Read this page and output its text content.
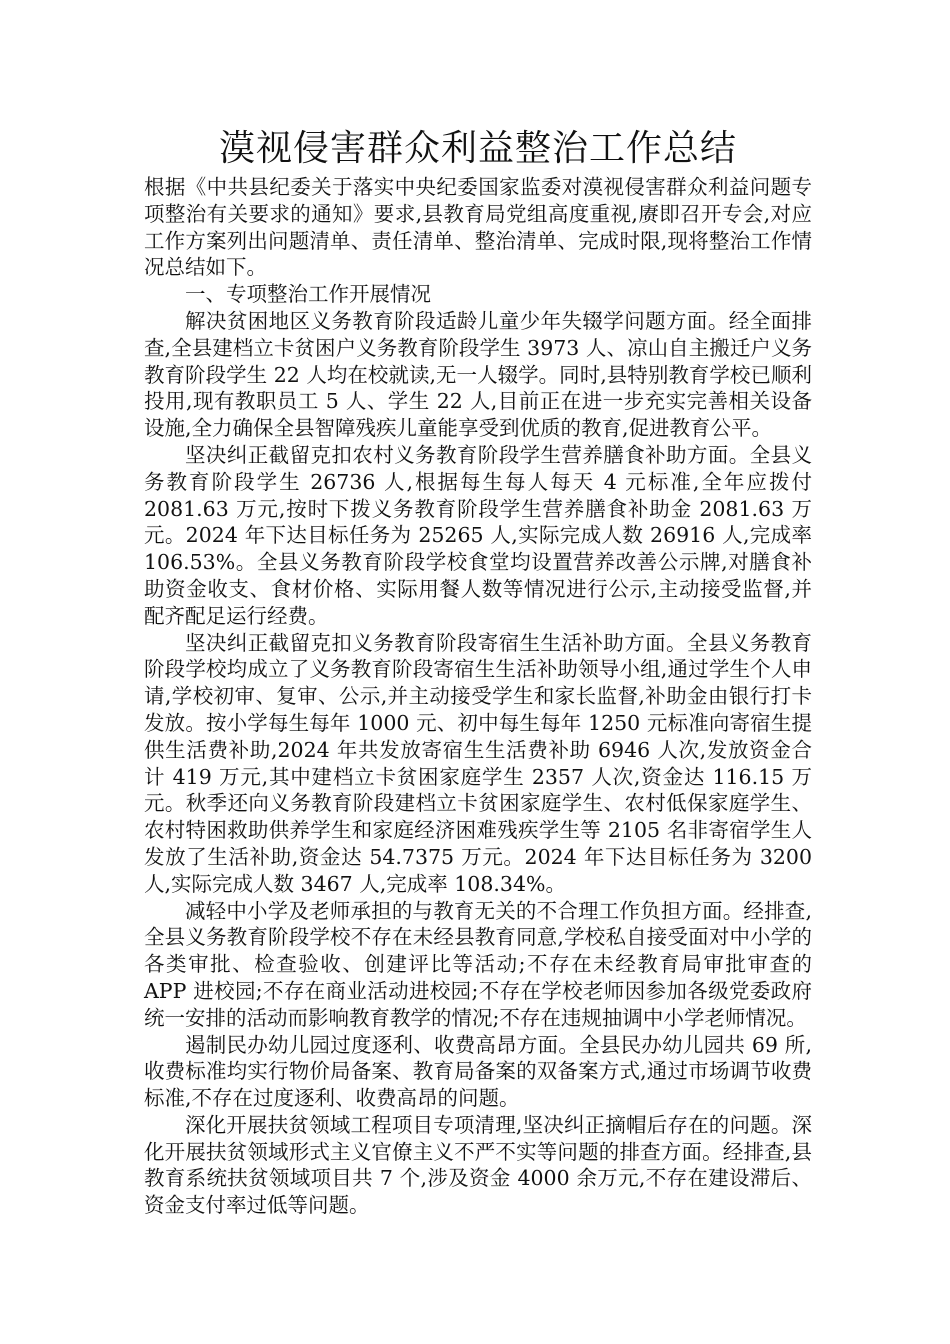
漠视侵害群众利益整治工作总结

根据《中共县纪委关于落实中央纪委国家监委对漠视侵害群众利益问题专项整治有关要求的通知》要求,县教育局党组高度重视,赓即召开专会,对应工作方案列出问题清单、责任清单、整治清单、完成时限,现将整治工作情况总结如下。

一、专项整治工作开展情况

解决贫困地区义务教育阶段适龄儿童少年失辍学问题方面。经全面排查,全县建档立卡贫困户义务教育阶段学生 3973 人、凉山自主搬迁户义务教育阶段学生 22 人均在校就读,无一人辍学。同时,县特别教育学校已顺利投用,现有教职员工 5 人、学生 22 人,目前正在进一步充实完善相关设备设施,全力确保全县智障残疾儿童能享受到优质的教育,促进教育公平。

坚决纠正截留克扣农村义务教育阶段学生营养膳食补助方面。全县义务教育阶段学生 26736 人,根据每生每人每天 4 元标准,全年应拨付 2081.63 万元,按时下拨义务教育阶段学生营养膳食补助金 2081.63 万元。2024 年下达目标任务为 25265 人,实际完成人数 26916 人,完成率 106.53%。全县义务教育阶段学校食堂均设置营养改善公示牌,对膳食补助资金收支、食材价格、实际用餐人数等情况进行公示,主动接受监督,并配齐配足运行经费。

坚决纠正截留克扣义务教育阶段寄宿生生活补助方面。全县义务教育阶段学校均成立了义务教育阶段寄宿生生活补助领导小组,通过学生个人申请,学校初审、复审、公示,并主动接受学生和家长监督,补助金由银行打卡发放。按小学每生每年 1000 元、初中每生每年 1250 元标准向寄宿生提供生活费补助,2024 年共发放寄宿生生活费补助 6946 人次,发放资金合计 419 万元,其中建档立卡贫困家庭学生 2357 人次,资金达 116.15 万元。秋季还向义务教育阶段建档立卡贫困家庭学生、农村低保家庭学生、农村特困救助供养学生和家庭经济困难残疾学生等 2105 名非寄宿学生人发放了生活补助,资金达 54.7375 万元。2024 年下达目标任务为 3200 人,实际完成人数 3467 人,完成率 108.34%。

减轻中小学及老师承担的与教育无关的不合理工作负担方面。经排查,全县义务教育阶段学校不存在未经县教育同意,学校私自接受面对中小学的各类审批、检查验收、创建评比等活动;不存在未经教育局审批审查的 APP 进校园;不存在商业活动进校园;不存在学校老师因参加各级党委政府统一安排的活动而影响教育教学的情况;不存在违规抽调中小学老师情况。

遏制民办幼儿园过度逐利、收费高昂方面。全县民办幼儿园共 69 所,收费标准均实行物价局备案、教育局备案的双备案方式,通过市场调节收费标准,不存在过度逐利、收费高昂的问题。

深化开展扶贫领域工程项目专项清理,坚决纠正摘帽后存在的问题。深化开展扶贫领域形式主义官僚主义不严不实等问题的排查方面。经排查,县教育系统扶贫领域项目共 7 个,涉及资金 4000 余万元,不存在建设滞后、资金支付率过低等问题。
